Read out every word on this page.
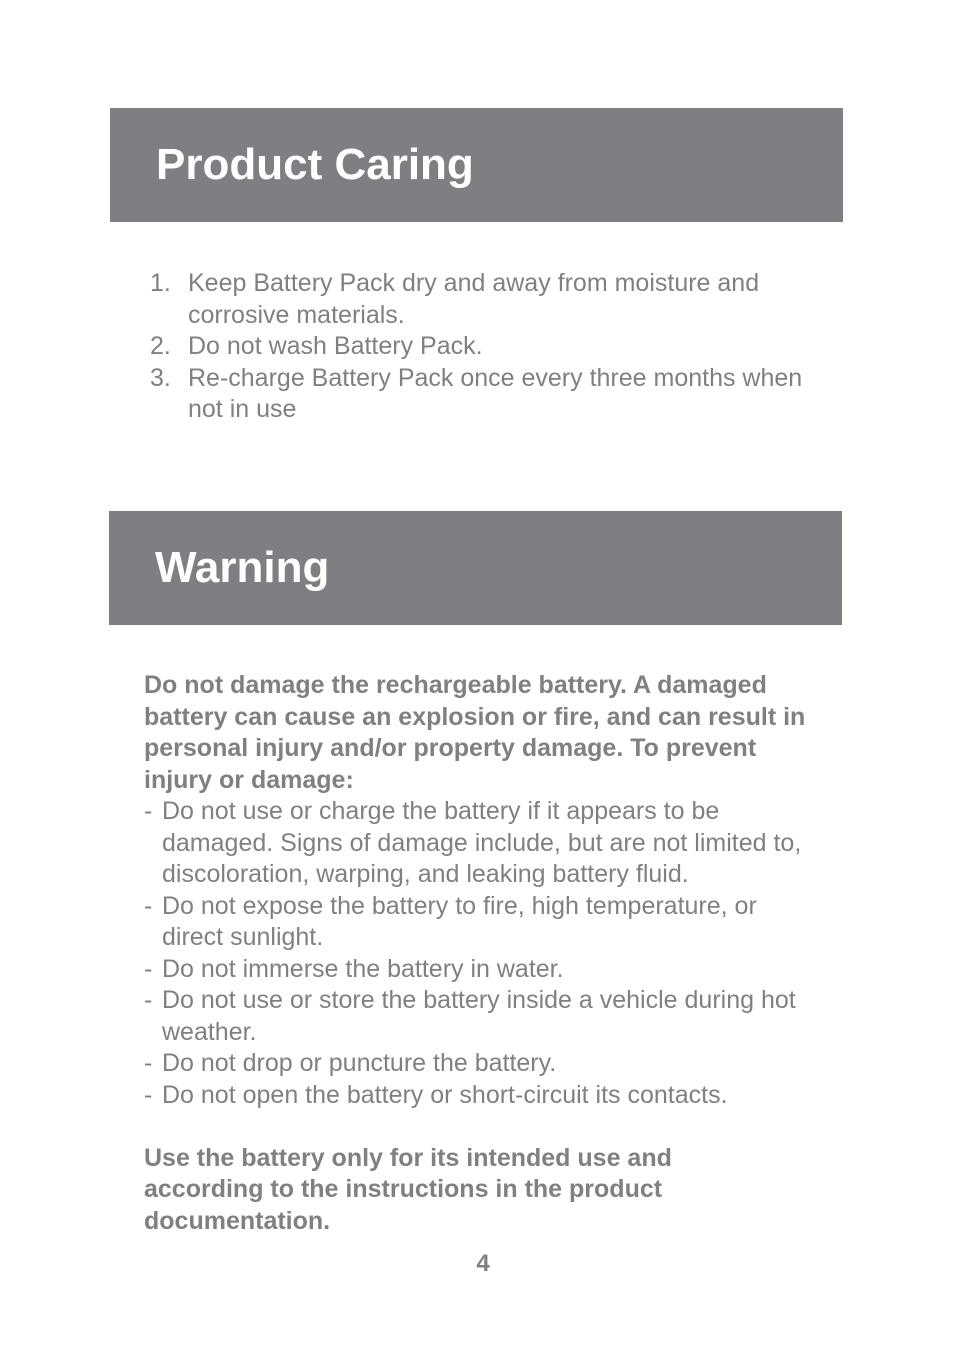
Product Caring
1. Keep Battery Pack dry and away from moisture and corrosive materials.
2. Do not wash Battery Pack.
3. Re-charge Battery Pack once every three months when not in use
Warning

Do not damage the rechargeable battery. A damaged battery can cause an explosion or fire, and can result in personal injury and/or property damage. To prevent injury or damage:

- Do not use or charge the battery if it appears to be damaged. Signs of damage include, but are not limited to, discoloration, warping, and leaking battery fluid.
- Do not expose the battery to fire, high temperature, or direct sunlight.
- Do not immerse the battery in water.
- Do not use or store the battery inside a vehicle during hot weather.
- Do not drop or puncture the battery.
- Do not open the battery or short-circuit its contacts.

Use the battery only for its intended use and according to the instructions in the product documentation.

4
